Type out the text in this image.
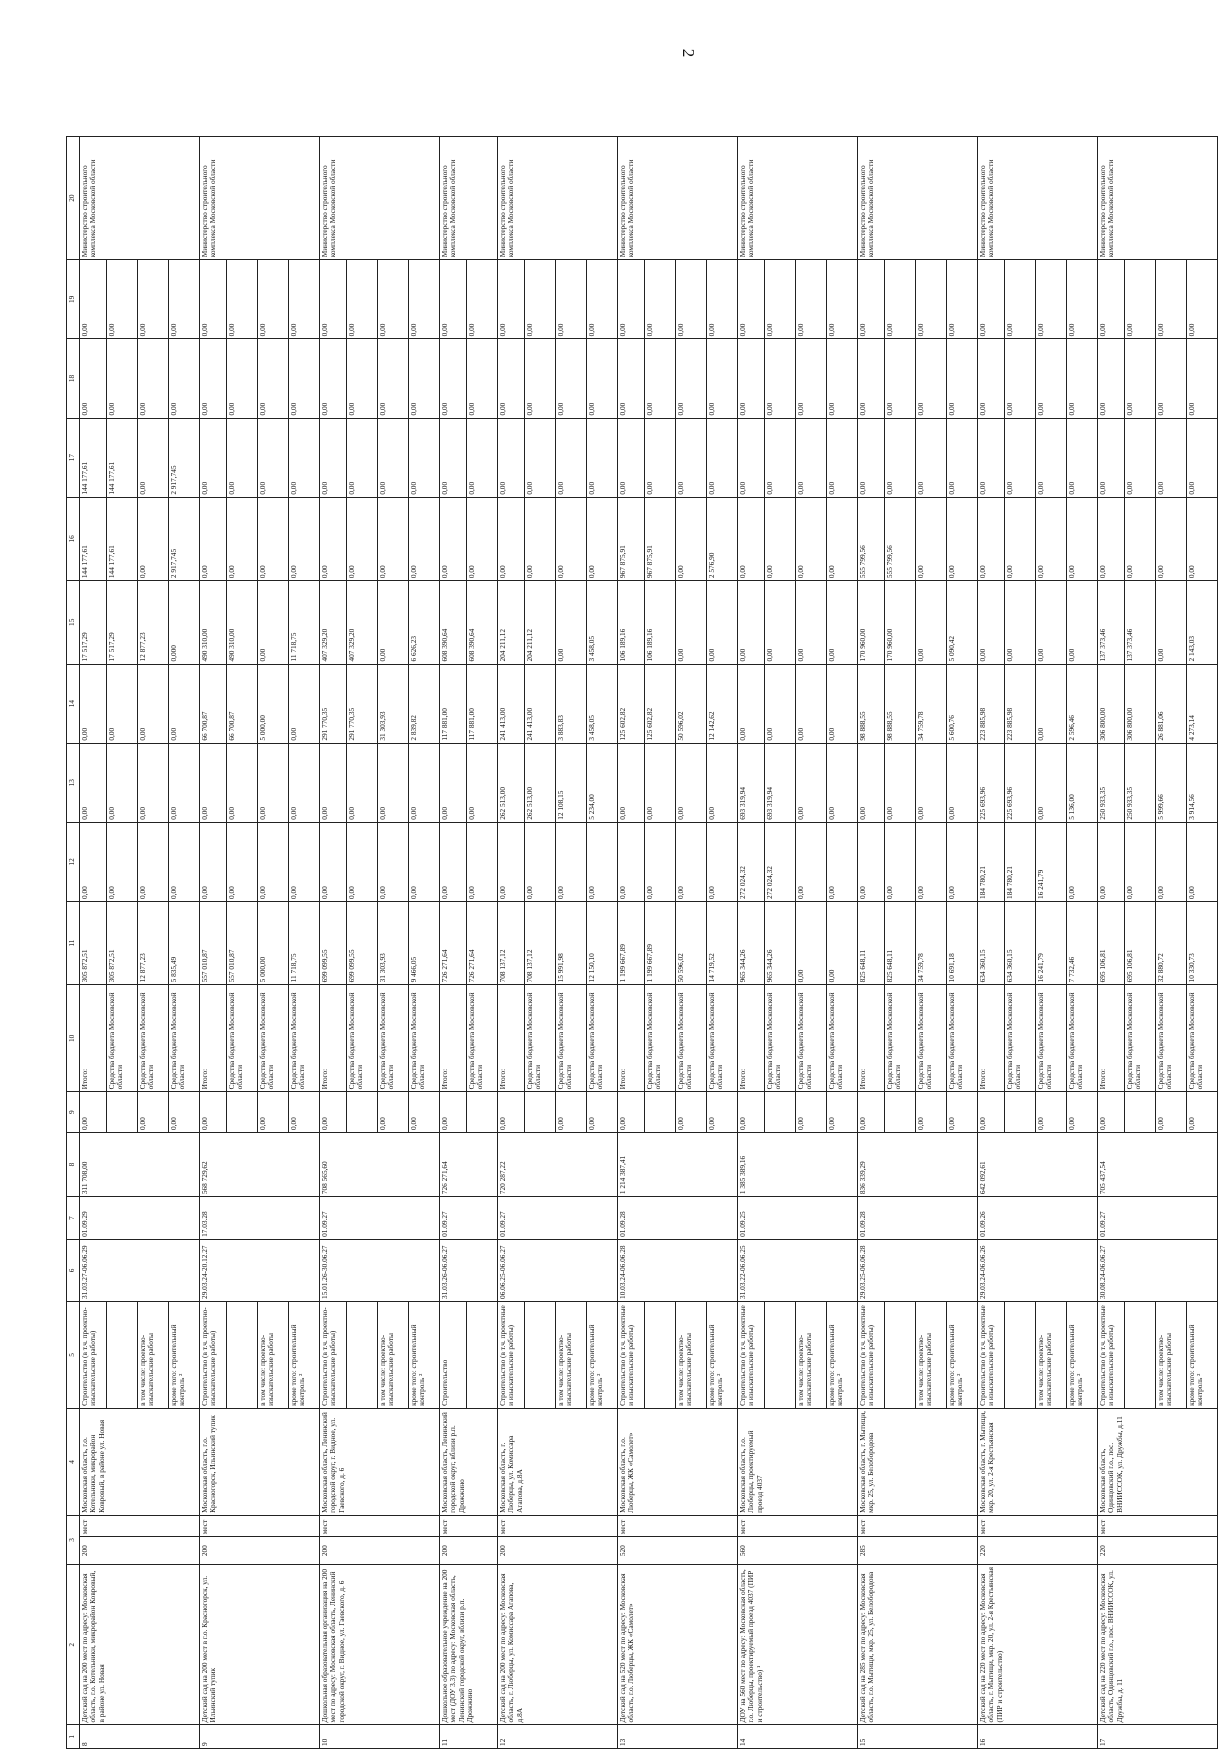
2
1	2	3		4	5	6	7	8	9	10	11	12	13	14	15	16	17	18	19	20
8	Детский сад на 200 мест по адресу: Московская область, г.о. Котельники, микрорайон Ковровый, в районе ул. Новая	200	мест	Московская область, г.о. Котельники, микрорайон Ковровый, в районе ул. Новая	Строительство (в т.ч. проектно-изыскательские работы)	31.03.27-06.06.29	01.09.29	311 708,00	0,00	Итого:	305 872,51	0,00	0,00	0,00	17 517,29	144 177,61	144 177,61	0,00	0,00	Министерство строительного комплекса Московской области
										Средства бюджета Московской области	305 872,51	0,00	0,00	0,00	17 517,29	144 177,61	144 177,61	0,00	0,00	
					в том числе: проектно-изыскательские работы				0,00	Средства бюджета Московской области	12 877,23	0,00	0,00	0,00	12 877,23	0,00	0,00	0,00	0,00	
					кроме того: строительный контроль ²				0,00	Средства бюджета Московской области	5 835,49	0,00	0,00	0,00	0,000	2 917,745	2 917,745	0,00	0,00	
9	Детский сад на 200 мест в г.о. Красногорск, ул. Ильинский тупик	200	мест	Московская область, г.о. Красногорск, Ильинский тупик	Строительство (в т.ч. проектно-изыскательские работы)	29.03.24-20.12.27	17.03.28	568 729,62	0,00	Итого:	557 010,87	0,00	0,00	66 700,87	490 310,00	0,00	0,00	0,00	0,00	Министерство строительного комплекса Московской области
										Средства бюджета Московской области	557 010,87	0,00	0,00	66 700,87	490 310,00	0,00	0,00	0,00	0,00	
					в том числе: проектно-изыскательские работы				0,00	Средства бюджета Московской области	5 000,00	0,00	0,00	5 000,00	0,00	0,00	0,00	0,00	0,00	
					кроме того: строительный контроль ²				0,00	Средства бюджета Московской области	11 718,75	0,00	0,00	0,00	11 718,75	0,00	0,00	0,00	0,00	
10	Дошкольная образовательная организация на 200 мест по адресу: Московская область, Ленинский городской округ, г. Видное, ул. Гаевского, д. 6	200	мест	Московская область, Ленинский городской округ, г. Видное, ул. Гаевского, д. 6	Строительство (в т.ч. проектно-изыскательские работы)	15.01.26-30.06.27	01.09.27	708 565,60	0,00	Итого:	699 099,55	0,00	0,00	291 770,35	407 329,20	0,00	0,00	0,00	0,00	Министерство строительного комплекса Московской области
										Средства бюджета Московской области	699 099,55	0,00	0,00	291 770,35	407 329,20	0,00	0,00	0,00	0,00	
					в том числе: проектно-изыскательские работы				0,00	Средства бюджета Московской области	31 303,93	0,00	0,00	31 303,93	0,00	0,00	0,00	0,00	0,00	
					кроме того: строительный контроль ²				0,00	Средства бюджета Московской области	9 466,05	0,00	0,00	2 839,82	6 626,23	0,00	0,00	0,00	0,00	
11	Дошкольное образовательное учреждение на 200 мест (ДОУ 3.3) по адресу: Московская область, Ленинский городской округ, вблизи р.п. Дрожжино	200	мест	Московская область, Ленинский городской округ, вблизи р.п. Дрожжино	Строительство	31.03.26-06.06.27	01.09.27	726 271,64	0,00	Итого:	726 271,64	0,00	0,00	117 881,00	608 390,64	0,00	0,00	0,00	0,00	Министерство строительного комплекса Московской области
										Средства бюджета Московской области	726 271,64	0,00	0,00	117 881,00	608 390,64	0,00	0,00	0,00	0,00	
12	Детский сад на 200 мест по адресу: Московская область, г. Люберцы, ул. Комиссара Агапова, д.8А	200	мест	Московская область, г. Люберцы, ул. Комиссара Агапова, д.8А	Строительство (в т.ч. проектные и изыскательские работы)	06.06.25-06.06.27	01.09.27	720 287,22	0,00	Итого:	708 137,12	0,00	262 513,00	241 413,00	204 211,12	0,00	0,00	0,00	0,00	Министерство строительного комплекса Московской области
										Средства бюджета Московской области	708 137,12	0,00	262 513,00	241 413,00	204 211,12	0,00	0,00	0,00	0,00	
					в том числе: проектно-изыскательские работы				0,00	Средства бюджета Московской области	15 991,98	0,00	12 108,15	3 883,83	0,00	0,00	0,00	0,00	0,00	
					кроме того: строительный контроль ²				0,00	Средства бюджета Московской области	12 150,10	0,00	5 234,00	3 458,05	3 458,05	0,00	0,00	0,00	0,00	
13	Детский сад на 520 мест по адресу: Московская область, г.о. Люберцы, ЖК «Самолет»	520	мест	Московская область, г.о. Люберцы, ЖК «Самолет»	Строительство (в т.ч. проектные и изыскательские работы)	10.03.24-06.06.28	01.09.28	1 214 387,41	0,00	Итого:	1 199 667,89	0,00	0,00	125 602,82	106 189,16	967 875,91	0,00	0,00	0,00	Министерство строительного комплекса Московской области
										Средства бюджета Московской области	1 199 667,89	0,00	0,00	125 602,82	106 189,16	967 875,91	0,00	0,00	0,00	
					в том числе: проектно-изыскательские работы				0,00	Средства бюджета Московской области	50 596,02	0,00	0,00	50 596,02	0,00	0,00	0,00	0,00	0,00	
					кроме того: строительный контроль ²				0,00	Средства бюджета Московской области	14 719,52	0,00	0,00	12 142,62	0,00	2 576,90	0,00	0,00	0,00	
14	ДОУ на 560 мест по адресу: Московская область, г.о. Люберцы, проектируемый проезд 4037 (ПИР и строительство) ¹	560	мест	Московская область, г.о. Люберцы, проектируемый проезд 4037	Строительство (в т.ч. проектные и изыскательские работы)	31.03.22-06.06.25	01.09.25	1 385 389,16	0,00	Итого:	965 344,26	272 024,32	693 319,94	0,00	0,00	0,00	0,00	0,00	0,00	Министерство строительного комплекса Московской области
										Средства бюджета Московской области	965 344,26	272 024,32	693 319,94	0,00	0,00	0,00	0,00	0,00	0,00	
					в том числе: проектно-изыскательские работы				0,00	Средства бюджета Московской области	0,00	0,00	0,00	0,00	0,00	0,00	0,00	0,00	0,00	
					кроме того: строительный контроль ²				0,00	Средства бюджета Московской области	0,00	0,00	0,00	0,00	0,00	0,00	0,00	0,00	0,00	
15	Детский сад на 285 мест по адресу: Московская область, г.о. Мытищи, мкр. 25, ул. Белобородова	285	мест	Московская область, г. Мытищи, мкр. 25, ул. Белобородова	Строительство (в т.ч. проектные и изыскательские работы)	29.03.25-06.06.28	01.09.28	836 339,29	0,00	Итого:	825 648,11	0,00	0,00	98 888,55	170 960,00	555 799,56	0,00	0,00	0,00	Министерство строительного комплекса Московской области
										Средства бюджета Московской области	825 648,11	0,00	0,00	98 888,55	170 960,00	555 799,56	0,00	0,00	0,00	
					в том числе: проектно-изыскательские работы				0,00	Средства бюджета Московской области	34 759,78	0,00	0,00	34 759,78	0,00	0,00	0,00	0,00	0,00	
					кроме того: строительный контроль ²				0,00	Средства бюджета Московской области	10 691,18	0,00	0,00	5 600,76	5 090,42	0,00	0,00	0,00	0,00	
16	Детский сад на 220 мест по адресу: Московская область, г. Мытищи, мкр. 20, ул. 2-я Крестьянская (ПИР и строительство)	220	мест	Московская область, г. Мытищи, мкр. 20, ул. 2-я Крестьянская	Строительство (в т.ч. проектные и изыскательские работы)	29.03.24-06.06.26	01.09.26	642 092,61	0,00	Итого:	634 360,15	184 780,21	225 693,96	223 885,98	0,00	0,00	0,00	0,00	0,00	Министерство строительного комплекса Московской области
										Средства бюджета Московской области	634 360,15	184 780,21	225 693,96	223 885,98	0,00	0,00	0,00	0,00	0,00	
					в том числе: проектно-изыскательские работы				0,00	Средства бюджета Московской области	16 241,79	16 241,79	0,00	0,00	0,00	0,00	0,00	0,00	0,00	
					кроме того: строительный контроль ²				0,00	Средства бюджета Московской области	7 732,46	0,00	5 136,00	2 596,46	0,00	0,00	0,00	0,00	0,00	
17	Детский сад на 220 мест по адресу: Московская область, Одинцовский г.о., пос. ВНИИССОК, ул. Дружбы, д. 11	220	мест	Московская область, Одинцовский г.о., пос. ВНИИССОК, ул. Дружбы, д.11	Строительство (в т.ч. проектные и изыскательские работы)	30.08.24-06.06.27	01.09.27	705 437,54	0,00	Итого:	695 106,81	0,00	250 933,35	306 800,00	137 373,46	0,00	0,00	0,00	0,00	Министерство строительного комплекса Московской области
										Средства бюджета Московской области	695 106,81	0,00	250 933,35	306 800,00	137 373,46	0,00	0,00	0,00	0,00	
					в том числе: проектно-изыскательские работы				0,00	Средства бюджета Московской области	32 880,72	0,00	5 999,66	26 881,06	0,00	0,00	0,00	0,00	0,00	
					кроме того: строительный контроль ²				0,00	Средства бюджета Московской области	10 330,73	0,00	3 914,56	4 273,14	2 143,03	0,00	0,00	0,00	0,00	
